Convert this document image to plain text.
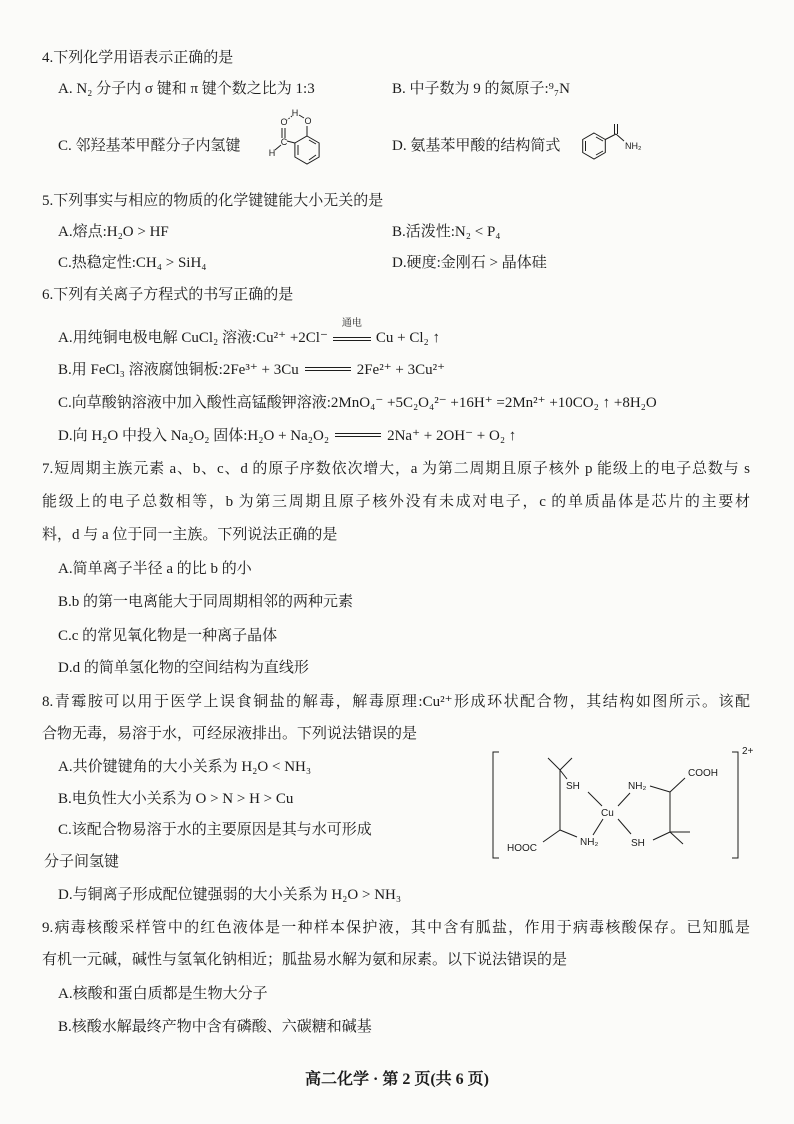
4.下列化学用语表示正确的是
A. N₂ 分子内 σ 键和 π 键个数之比为 1:3	B. 中子数为 9 的氮原子:⁹₇N
C. 邻羟基苯甲醛分子内氢键	C
H
O O
H
D. 氨基苯甲酸的结构简式	NH₂
5.下列事实与相应的物质的化学键键能大小无关的是
A.熔点:H₂O > HF	B.活泼性:N₂ < P₄
C.热稳定性:CH₄ > SiH₄	D.硬度:金刚石 > 晶体硅
6.下列有关离子方程式的书写正确的是
A.用纯铜电极电解 CuCl₂ 溶液:Cu²⁺ +2Cl⁻
通电
Cu + Cl₂ ↑
B.用 FeCl₃ 溶液腐蚀铜板:2Fe³⁺ + 3Cu	2Fe²⁺ + 3Cu²⁺
C.向草酸钠溶液中加入酸性高锰酸钾溶液:2MnO₄⁻ +5C₂O₄²⁻ +16H⁺ =2Mn²⁺ +10CO₂ ↑ +8H₂O
D.向 H₂O 中投入 Na₂O₂ 固体:H₂O + Na₂O₂	2Na⁺ + 2OH⁻ + O₂ ↑
7.短周期主族元素 a、b、c、d 的原子序数依次增大，a 为第二周期且原子核外 p 能级上的电子总数与 s
能级上的电子总数相等，b 为第三周期且原子核外没有未成对电子，c 的单质晶体是芯片的主要材
料，d 与 a 位于同一主族。下列说法正确的是
A.简单离子半径 a 的比 b 的小
B.b 的第一电离能大于同周期相邻的两种元素
C.c 的常见氧化物是一种离子晶体
D.d 的简单氢化物的空间结构为直线形
8.青霉胺可以用于医学上误食铜盐的解毒，解毒原理:Cu²⁺形成环状配合物，其结构如图所示。该配
合物无毒，易溶于水，可经尿液排出。下列说法错误的是
A.共价键键角的大小关系为 H₂O < NH₃
B.电负性大小关系为 O > N > H > Cu
C.该配合物易溶于水的主要原因是其与水可形成
分子间氢键
D.与铜离子形成配位键强弱的大小关系为 H₂O > NH₃
2+
SH
NH₂
HOOC
Cu
NH₂
COOH
SH
9.病毒核酸采样管中的红色液体是一种样本保护液，其中含有胍盐，作用于病毒核酸保存。已知胍是
有机一元碱，碱性与氢氧化钠相近；胍盐易水解为氨和尿素。以下说法错误的是
A.核酸和蛋白质都是生物大分子
B.核酸水解最终产物中含有磷酸、六碳糖和碱基
高二化学 · 第 2 页(共 6 页)
